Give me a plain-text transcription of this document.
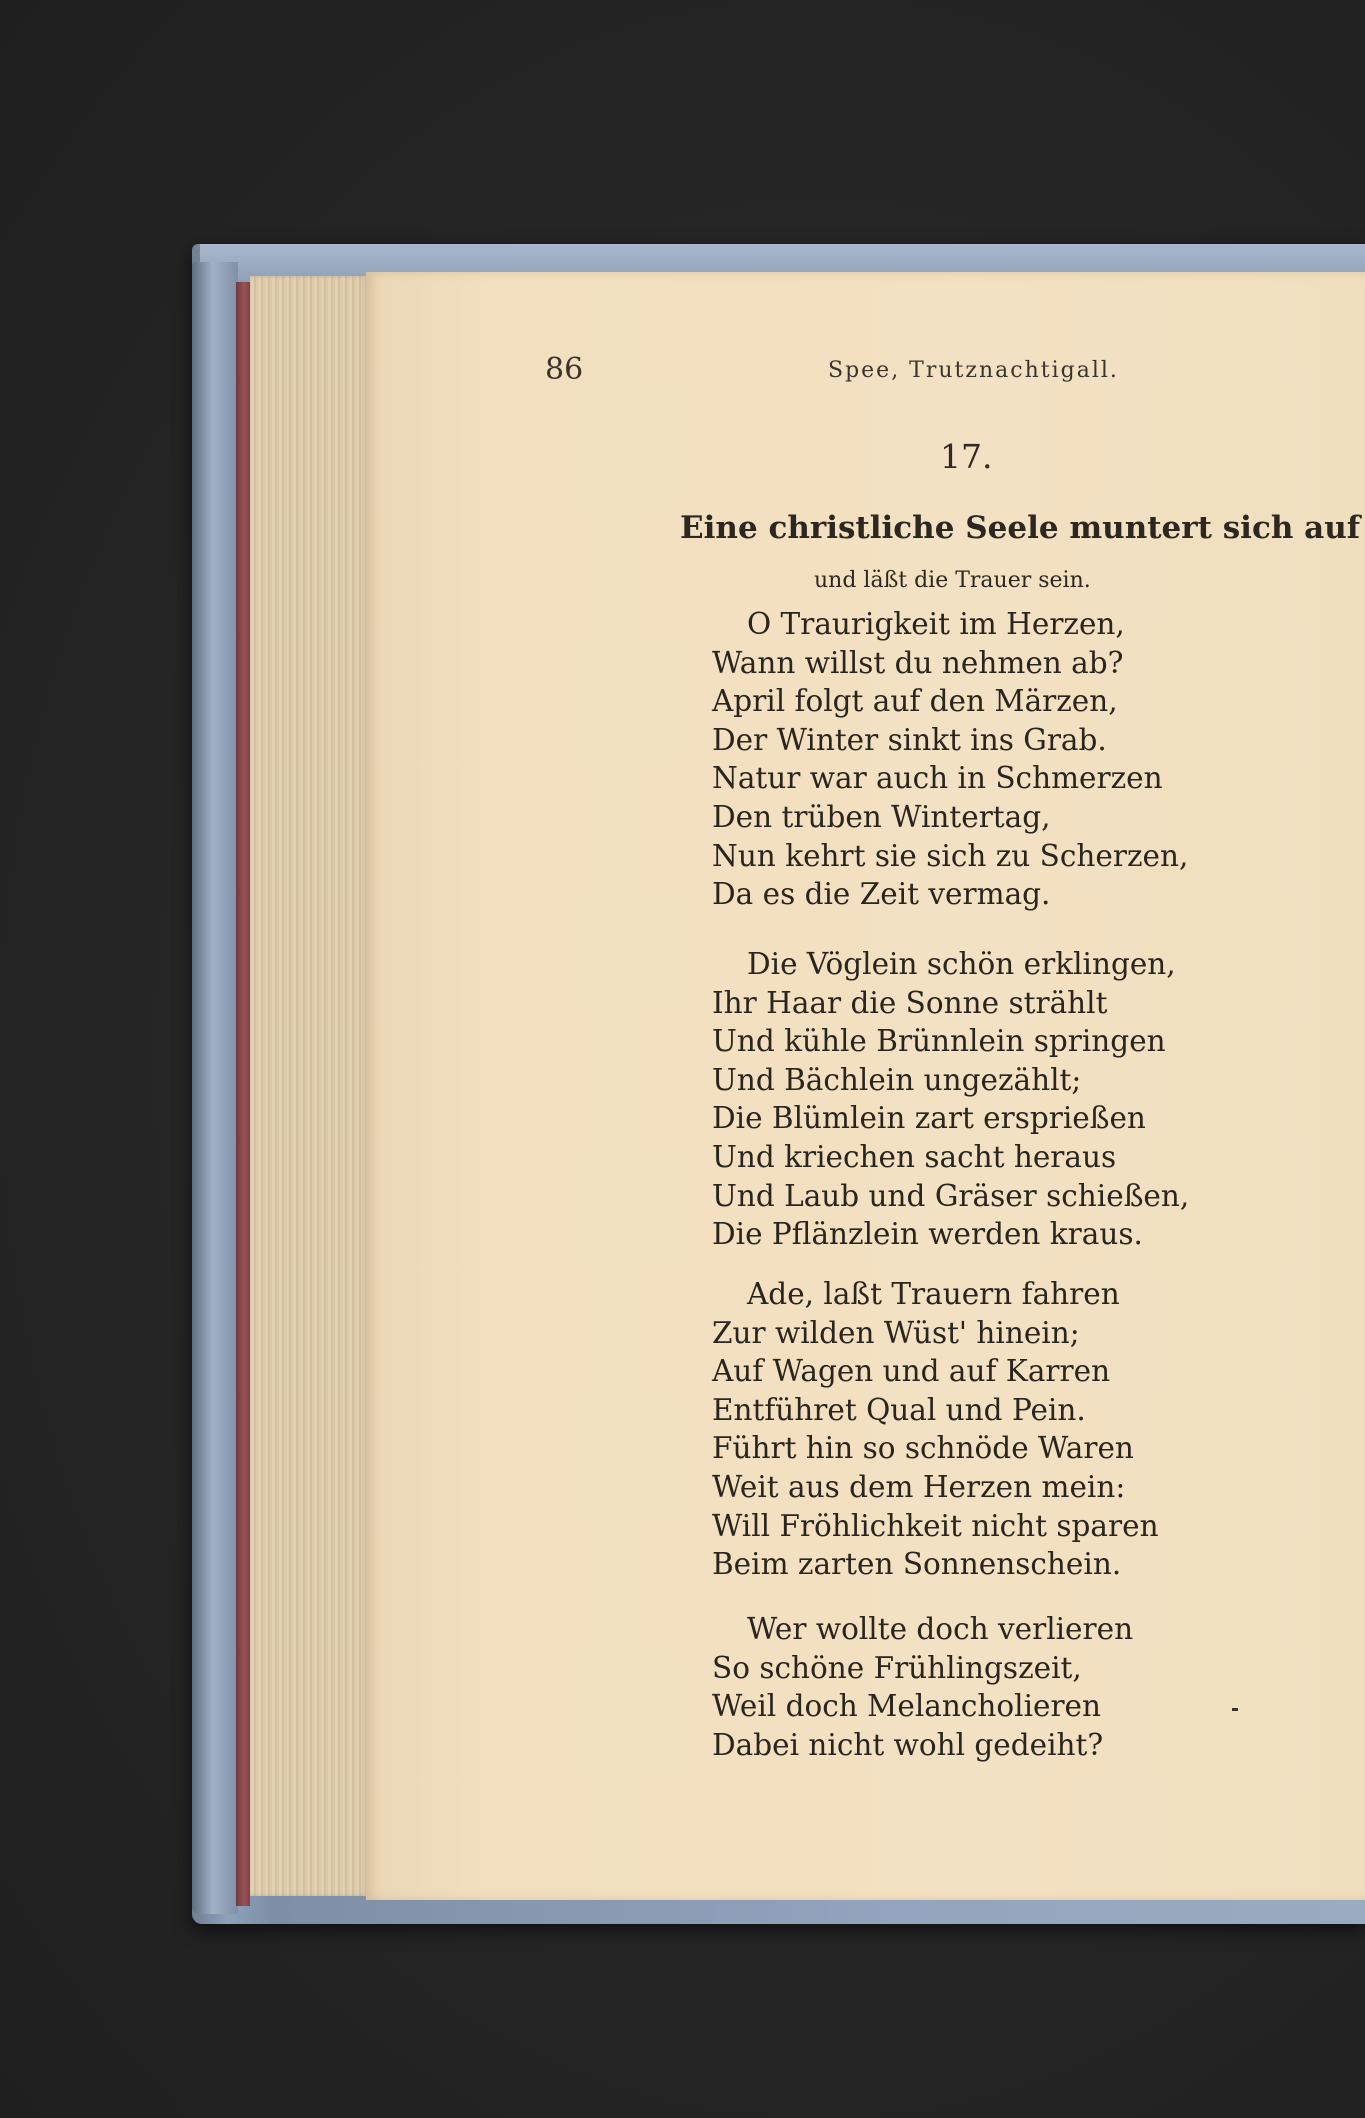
86	Spee, Trutznachtigall.
17.
Eine christliche Seele muntert sich auf
und läßt die Trauer sein.
O Traurigkeit im Herzen,
Wann willst du nehmen ab?
April folgt auf den Märzen,
Der Winter sinkt ins Grab.
Natur war auch in Schmerzen
Den trüben Wintertag,
Nun kehrt sie sich zu Scherzen,
Da es die Zeit vermag.
Die Vöglein schön erklingen,
Ihr Haar die Sonne strählt
Und kühle Brünnlein springen
Und Bächlein ungezählt;
Die Blümlein zart ersprießen
Und kriechen sacht heraus
Und Laub und Gräser schießen,
Die Pflänzlein werden kraus.
Ade, laßt Trauern fahren
Zur wilden Wüst' hinein;
Auf Wagen und auf Karren
Entführet Qual und Pein.
Führt hin so schnöde Waren
Weit aus dem Herzen mein:
Will Fröhlichkeit nicht sparen
Beim zarten Sonnenschein.
Wer wollte doch verlieren
So schöne Frühlingszeit,
Weil doch Melancholieren
Dabei nicht wohl gedeiht?
